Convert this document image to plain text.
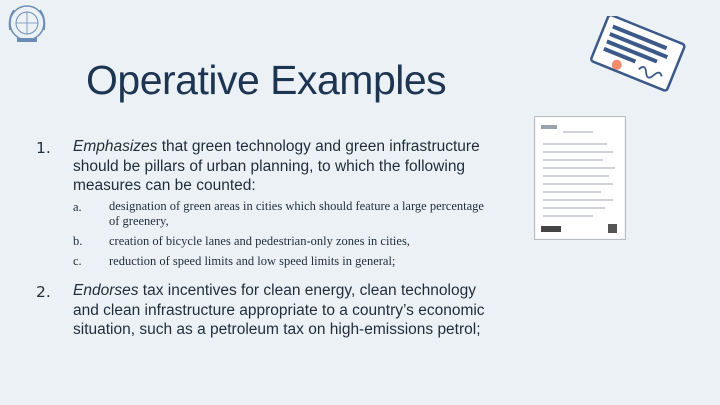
Operative Examples
1. Emphasizes that green technology and green infrastructure should be pillars of urban planning, to which the following measures can be counted:
a. designation of green areas in cities which should feature a large percentage of greenery,
b. creation of bicycle lanes and pedestrian-only zones in cities,
c. reduction of speed limits and low speed limits in general;
2. Endorses tax incentives for clean energy, clean technology and clean infrastructure appropriate to a country’s economic situation, such as a petroleum tax on high-emissions petrol;
